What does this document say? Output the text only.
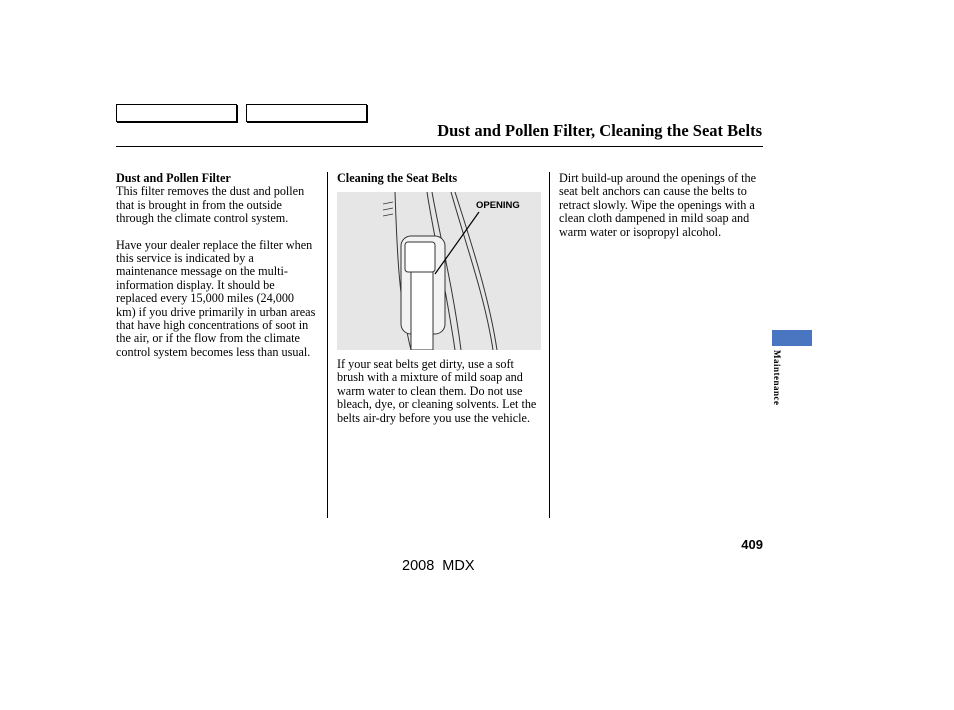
Dust and Pollen Filter, Cleaning the Seat Belts

Dust and Pollen Filter

This filter removes the dust and pollen that is brought in from the outside through the climate control system.

Have your dealer replace the filter when this service is indicated by a maintenance message on the multi-information display. It should be replaced every 15,000 miles (24,000 km) if you drive primarily in urban areas that have high concentrations of soot in the air, or if the flow from the climate control system becomes less than usual.

Cleaning the Seat Belts

OPENING

If your seat belts get dirty, use a soft brush with a mixture of mild soap and warm water to clean them. Do not use bleach, dye, or cleaning solvents. Let the belts air-dry before you use the vehicle.

Dirt build-up around the openings of the seat belt anchors can cause the belts to retract slowly. Wipe the openings with a clean cloth dampened in mild soap and warm water or isopropyl alcohol.

Maintenance
409
2008 MDX
